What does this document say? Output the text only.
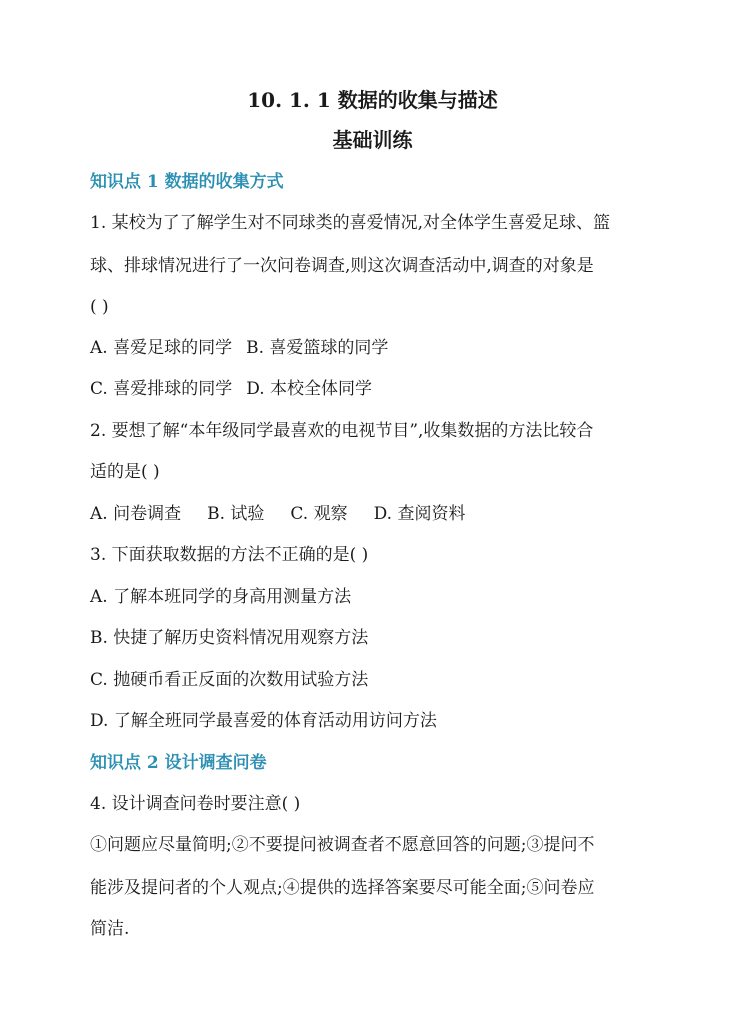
10. 1. 1 数据的收集与描述
基础训练
知识点 1 数据的收集方式
1. 某校为了了解学生对不同球类的喜爱情况,对全体学生喜爱足球、篮
球、排球情况进行了一次问卷调查,则这次调查活动中,调查的对象是
( )
A. 喜爱足球的同学 B. 喜爱篮球的同学
C. 喜爱排球的同学 D. 本校全体同学
2. 要想了解“本年级同学最喜欢的电视节目”,收集数据的方法比较合
适的是( )
A. 问卷调查 B. 试验 C. 观察 D. 查阅资料
3. 下面获取数据的方法不正确的是( )
A. 了解本班同学的身高用测量方法
B. 快捷了解历史资料情况用观察方法
C. 抛硬币看正反面的次数用试验方法
D. 了解全班同学最喜爱的体育活动用访问方法
知识点 2 设计调查问卷
4. 设计调查问卷时要注意( )
①问题应尽量简明;②不要提问被调查者不愿意回答的问题;③提问不
能涉及提问者的个人观点;④提供的选择答案要尽可能全面;⑤问卷应
简洁.
